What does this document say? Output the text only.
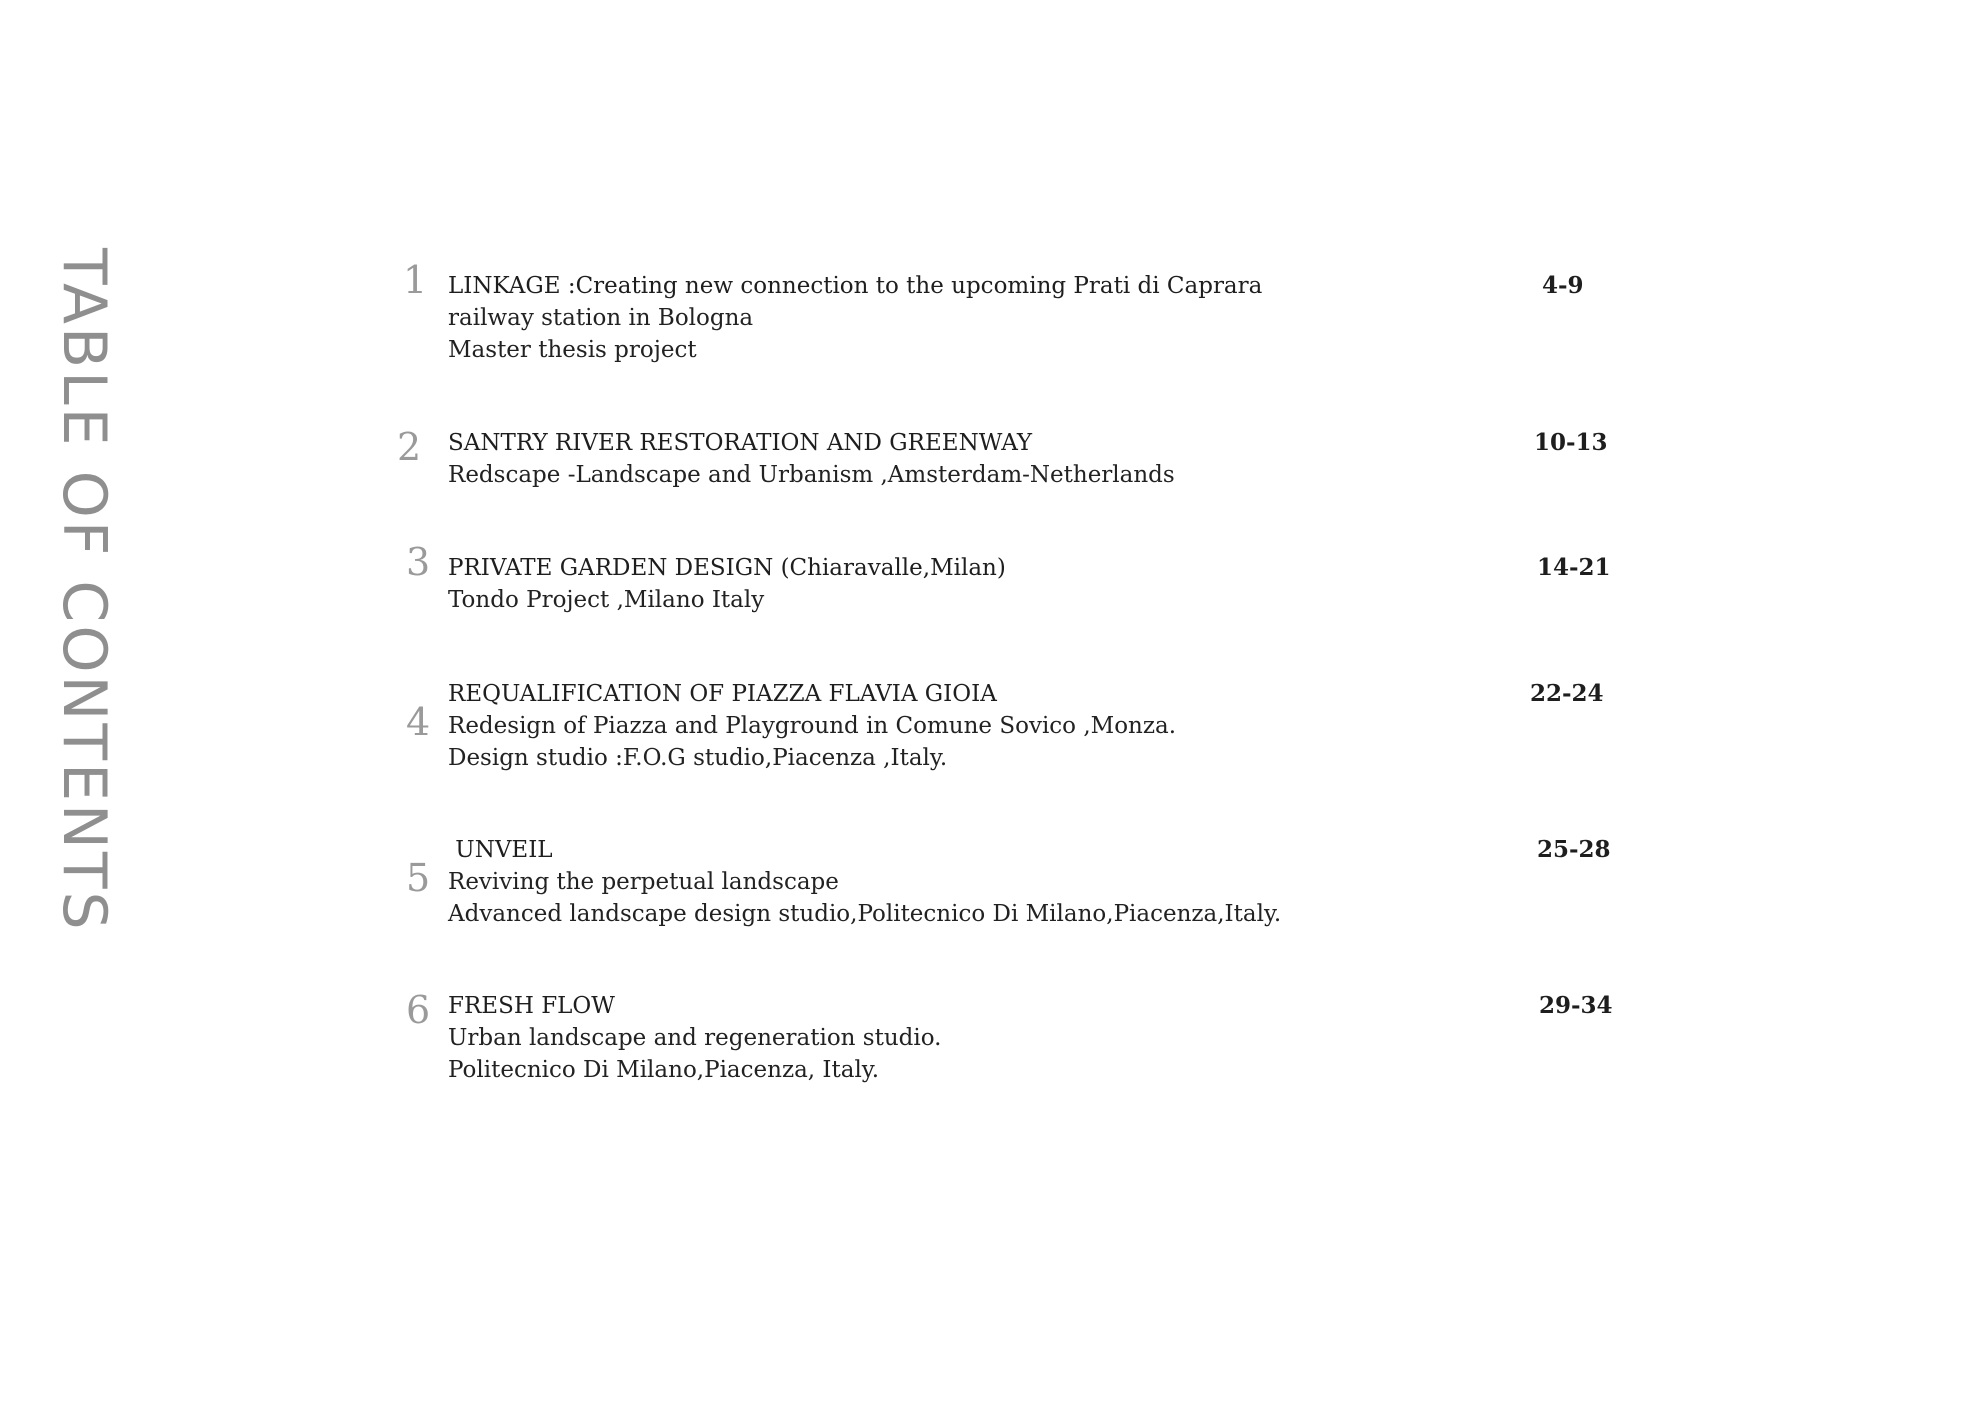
TABLE OF CONTENTS	1 LINKAGE :Creating new connection to the upcoming Prati di Caprara
railway station in Bologna
Master thesis project
4-9
2 SANTRY RIVER RESTORATION AND GREENWAY
Redscape -Landscape and Urbanism ,Amsterdam-Netherlands
10-13
3 PRIVATE GARDEN DESIGN (Chiaravalle,Milan)
Tondo Project ,Milano Italy
14-21
4
REQUALIFICATION OF PIAZZA FLAVIA GIOIA
Redesign of Piazza and Playground in Comune Sovico ,Monza.
Design studio :F.O.G studio,Piacenza ,Italy.
22-24
5
UNVEIL
Reviving the perpetual landscape
Advanced landscape design studio,Politecnico Di Milano,Piacenza,Italy.
25-28
6 FRESH FLOW
Urban landscape and regeneration studio.
Politecnico Di Milano,Piacenza, Italy.
29-34
